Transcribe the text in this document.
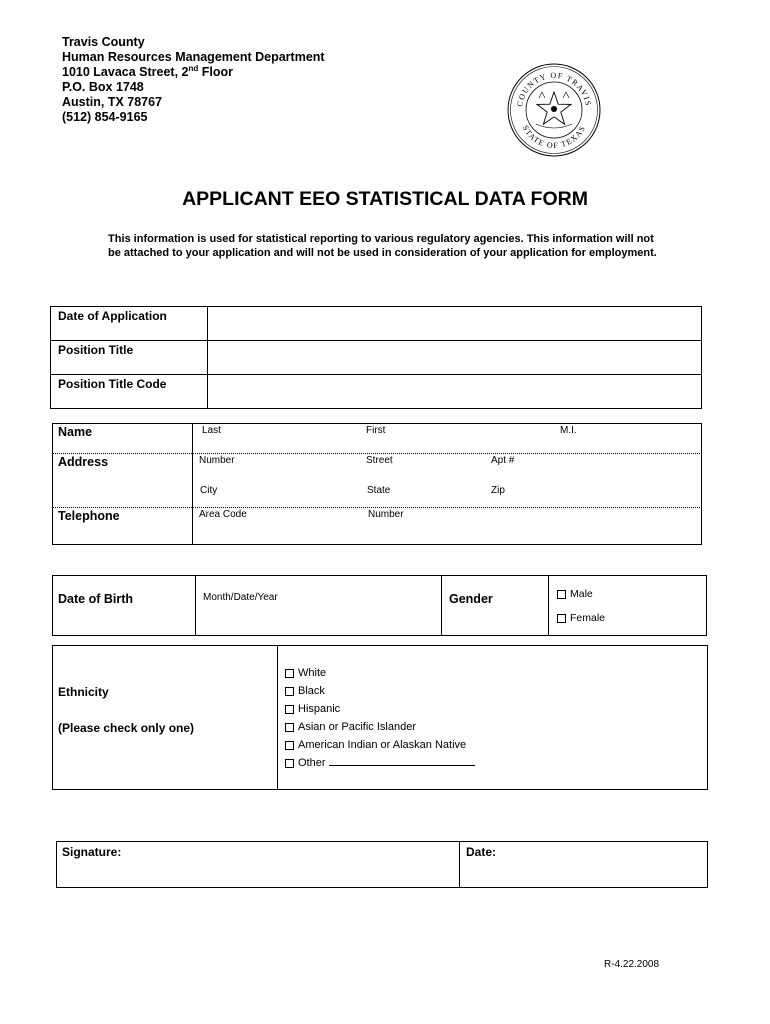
Travis County
Human Resources Management Department
1010 Lavaca Street, 2nd Floor
P.O. Box 1748
Austin, TX 78767
(512) 854-9165
COUNTY OF TRAVIS
STATE OF TEXAS
APPLICANT EEO STATISTICAL DATA FORM
This information is used for statistical reporting to various regulatory agencies. This information will not be attached to your application and will not be used in consideration of your application for employment.
Date of Application	
Position Title	
Position Title Code	
Name	Last	First	M.I.
Address	Number	Street	Apt #
City	State	Zip
Telephone	Area Code	Number
Date of Birth	Month/Date/Year	Gender	Male
Female
Ethnicity
(Please check only one)
White
Black
Hispanic
Asian or Pacific Islander
American Indian or Alaskan Native
Other
Signature:	Date:
R-4.22.2008
